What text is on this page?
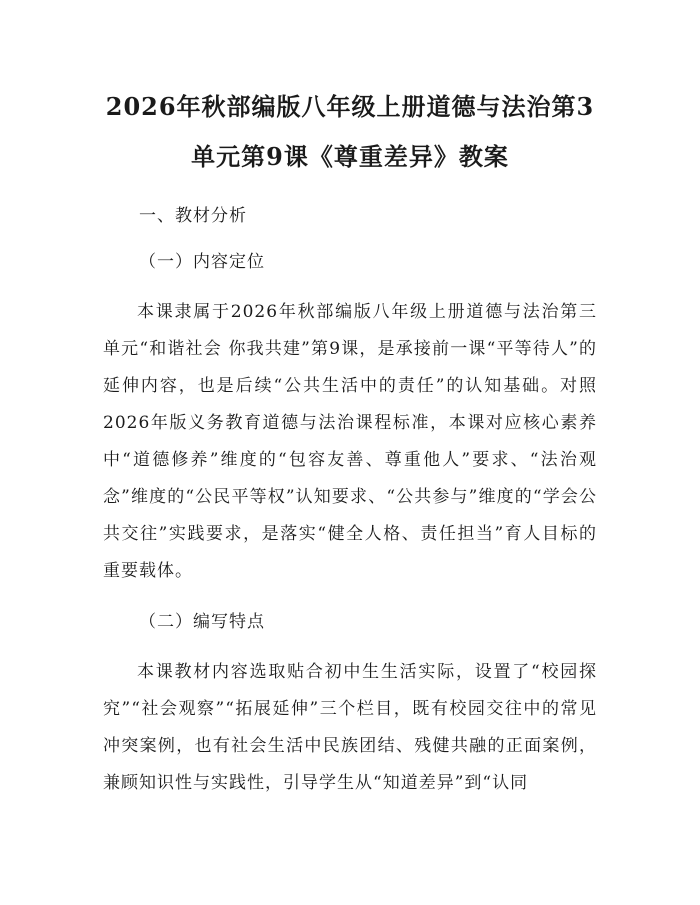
2026年秋部编版八年级上册道德与法治第3单元第9课《尊重差异》教案

一、教材分析

（一）内容定位

本课隶属于2026年秋部编版八年级上册道德与法治第三单元“和谐社会 你我共建”第9课，是承接前一课“平等待人”的延伸内容，也是后续“公共生活中的责任”的认知基础。对照2026年版义务教育道德与法治课程标准，本课对应核心素养中“道德修养”维度的“包容友善、尊重他人”要求、“法治观念”维度的“公民平等权”认知要求、“公共参与”维度的“学会公共交往”实践要求，是落实“健全人格、责任担当”育人目标的重要载体。

（二）编写特点

本课教材内容选取贴合初中生生活实际，设置了“校园探究”“社会观察”“拓展延伸”三个栏目，既有校园交往中的常见冲突案例，也有社会生活中民族团结、残健共融的正面案例，兼顾知识性与实践性，引导学生从“知道差异”到“认同
